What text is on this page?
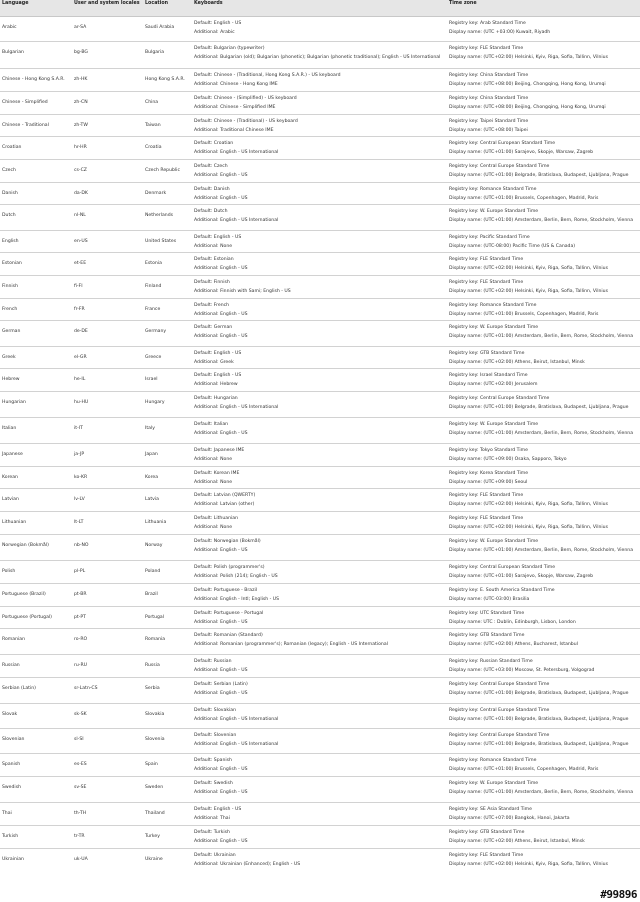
Language	User and system locales	Location	Keyboards	Time zone

Arabic	ar-SA	Saudi Arabia	Default: English - US
Additional: Arabic	Registry key: Arab Standard Time
Display name: (UTC +03:00) Kuwait, Riyadh

Bulgarian	bg-BG	Bulgaria	Default: Bulgarian (typewriter)
Additional: Bulgarian (old); Bulgarian (phonetic); Bulgarian (phonetic traditional); English - US International	Registry key: FLE Standard Time
Display name: (UTC+02:00) Helsinki, Kyiv, Riga, Sofia, Tallinn, Vilnius

Chinese - Hong Kong S.A.R.	zh-HK	Hong Kong S.A.R.	Default: Chinese - (Traditional, Hong Kong S.A.R.) - US keyboard
Additional: Chinese - Hong Kong IME	Registry key: China Standard Time
Display name: (UTC+08:00) Beijing, Chongqing, Hong Kong, Urumqi

Chinese - Simplified	zh-CN	China	Default: Chinese - (Simplified) - US keyboard
Additional: Chinese - Simplified IME	Registry key: China Standard Time
Display name: (UTC+08:00) Beijing, Chongqing, Hong Kong, Urumqi

Chinese - Traditional	zh-TW	Taiwan	Default: Chinese - (Traditional) - US keyboard
Additional: Traditional Chinese IME	Registry key: Taipei Standard Time
Display name: (UTC+08:00) Taipei

Croatian	hr-HR	Croatia	Default: Croatian
Additional: English - US International	Registry key: Central European Standard Time
Display name: (UTC+01:00) Sarajevo, Skopje, Warsaw, Zagreb

Czech	cs-CZ	Czech Republic	Default: Czech
Additional: English - US	Registry key: Central Europe Standard Time
Display name: (UTC+01:00) Belgrade, Bratislava, Budapest, Ljubljana, Prague

Danish	da-DK	Denmark	Default: Danish
Additional: English - US	Registry key: Romance Standard Time
Display name: (UTC+01:00) Brussels, Copenhagen, Madrid, Paris

Dutch	nl-NL	Netherlands	Default: Dutch
Additional: English - US International	Registry key: W. Europe Standard Time
Display name: (UTC+01:00) Amsterdam, Berlin, Bern, Rome, Stockholm, Vienna

English	en-US	United States	Default: English - US
Additional: None	Registry key: Pacific Standard Time
Display name: (UTC-08:00) Pacific Time (US & Canada)

Estonian	et-EE	Estonia	Default: Estonian
Additional: English - US	Registry key: FLE Standard Time
Display name: (UTC+02:00) Helsinki, Kyiv, Riga, Sofia, Tallinn, Vilnius

Finnish	fi-FI	Finland	Default: Finnish
Additional: Finnish with Sami; English - US	Registry key: FLE Standard Time
Display name: (UTC+02:00) Helsinki, Kyiv, Riga, Sofia, Tallinn, Vilnius

French	fr-FR	France	Default: French
Additional: English - US	Registry key: Romance Standard Time
Display name: (UTC+01:00) Brussels, Copenhagen, Madrid, Paris

German	de-DE	Germany	Default: German
Additional: English - US	Registry key: W. Europe Standard Time
Display name: (UTC+01:00) Amsterdam, Berlin, Bern, Rome, Stockholm, Vienna

Greek	el-GR	Greece	Default: English - US
Additional: Greek	Registry key: GTB Standard Time
Display name: (UTC+02:00) Athens, Beirut, Istanbul, Minsk

Hebrew	he-IL	Israel	Default: English - US
Additional: Hebrew	Registry key: Israel Standard Time
Display name: (UTC+02:00) Jerusalem

Hungarian	hu-HU	Hungary	Default: Hungarian
Additional: English - US International	Registry key: Central Europe Standard Time
Display name: (UTC+01:00) Belgrade, Bratislava, Budapest, Ljubljana, Prague

Italian	it-IT	Italy	Default: Italian
Additional: English - US	Registry key: W. Europe Standard Time
Display name: (UTC+01:00) Amsterdam, Berlin, Bern, Rome, Stockholm, Vienna

Japanese	ja-JP	Japan	Default: Japanese IME
Additional: None	Registry key: Tokyo Standard Time
Display name: (UTC+09:00) Osaka, Sapporo, Tokyo

Korean	ko-KR	Korea	Default: Korean IME
Additional: None	Registry key: Korea Standard Time
Display name: (UTC+09:00) Seoul

Latvian	lv-LV	Latvia	Default: Latvian (QWERTY)
Additional: Latvian (other)	Registry key: FLE Standard Time
Display name: (UTC+02:00) Helsinki, Kyiv, Riga, Sofia, Tallinn, Vilnius

Lithuanian	lt-LT	Lithuania	Default: Lithuanian
Additional: None	Registry key: FLE Standard Time
Display name: (UTC+02:00) Helsinki, Kyiv, Riga, Sofia, Tallinn, Vilnius

Norwegian (Bokmål)	nb-NO	Norway	Default: Norwegian (Bokmål)
Additional: English - US	Registry key: W. Europe Standard Time
Display name: (UTC+01:00) Amsterdam, Berlin, Bern, Rome, Stockholm, Vienna

Polish	pl-PL	Poland	Default: Polish (programmer's)
Additional: Polish (214); English - US	Registry key: Central European Standard Time
Display name: (UTC+01:00) Sarajevo, Skopje, Warsaw, Zagreb

Portuguese (Brazil)	pt-BR	Brazil	Default: Portuguese - Brazil
Additional: English - Intl; English - US	Registry key: E. South America Standard Time
Display name: (UTC-03:00) Brasilia

Portuguese (Portugal)	pt-PT	Portugal	Default: Portuguese - Portugal
Additional: English - US	Registry key: UTC Standard Time
Display name: UTC : Dublin, Edinburgh, Lisbon, London

Romanian	ro-RO	Romania	Default: Romanian (Standard)
Additional: Romanian (programmer's); Romanian (legacy); English - US International	Registry key: GTB Standard Time
Display name: (UTC+02:00) Athens, Bucharest, Istanbul

Russian	ru-RU	Russia	Default: Russian
Additional: English - US	Registry key: Russian Standard Time
Display name: (UTC+03:00) Moscow, St. Petersburg, Volgograd

Serbian (Latin)	sr-Latn-CS	Serbia	Default: Serbian (Latin)
Additional: English - US	Registry key: Central Europe Standard Time
Display name: (UTC+01:00) Belgrade, Bratislava, Budapest, Ljubljana, Prague

Slovak	sk-SK	Slovakia	Default: Slovakian
Additional: English - US International	Registry key: Central Europe Standard Time
Display name: (UTC+01:00) Belgrade, Bratislava, Budapest, Ljubljana, Prague

Slovenian	sl-SI	Slovenia	Default: Slovenian
Additional: English - US International	Registry key: Central Europe Standard Time
Display name: (UTC+01:00) Belgrade, Bratislava, Budapest, Ljubljana, Prague

Spanish	es-ES	Spain	Default: Spanish
Additional: English - US	Registry key: Romance Standard Time
Display name: (UTC+01:00) Brussels, Copenhagen, Madrid, Paris

Swedish	sv-SE	Sweden	Default: Swedish
Additional: English - US	Registry key: W. Europe Standard Time
Display name: (UTC+01:00) Amsterdam, Berlin, Bern, Rome, Stockholm, Vienna

Thai	th-TH	Thailand	Default: English - US
Additional: Thai	Registry key: SE Asia Standard Time
Display name: (UTC+07:00) Bangkok, Hanoi, Jakarta

Turkish	tr-TR	Turkey	Default: Turkish
Additional: English - US	Registry key: GTB Standard Time
Display name: (UTC+02:00) Athens, Beirut, Istanbul, Minsk

Ukrainian	uk-UA	Ukraine	Default: Ukrainian
Additional: Ukrainian (Enhanced); English - US	Registry key: FLE Standard Time
Display name: (UTC+02:00) Helsinki, Kyiv, Riga, Sofia, Tallinn, Vilnius
#99896
